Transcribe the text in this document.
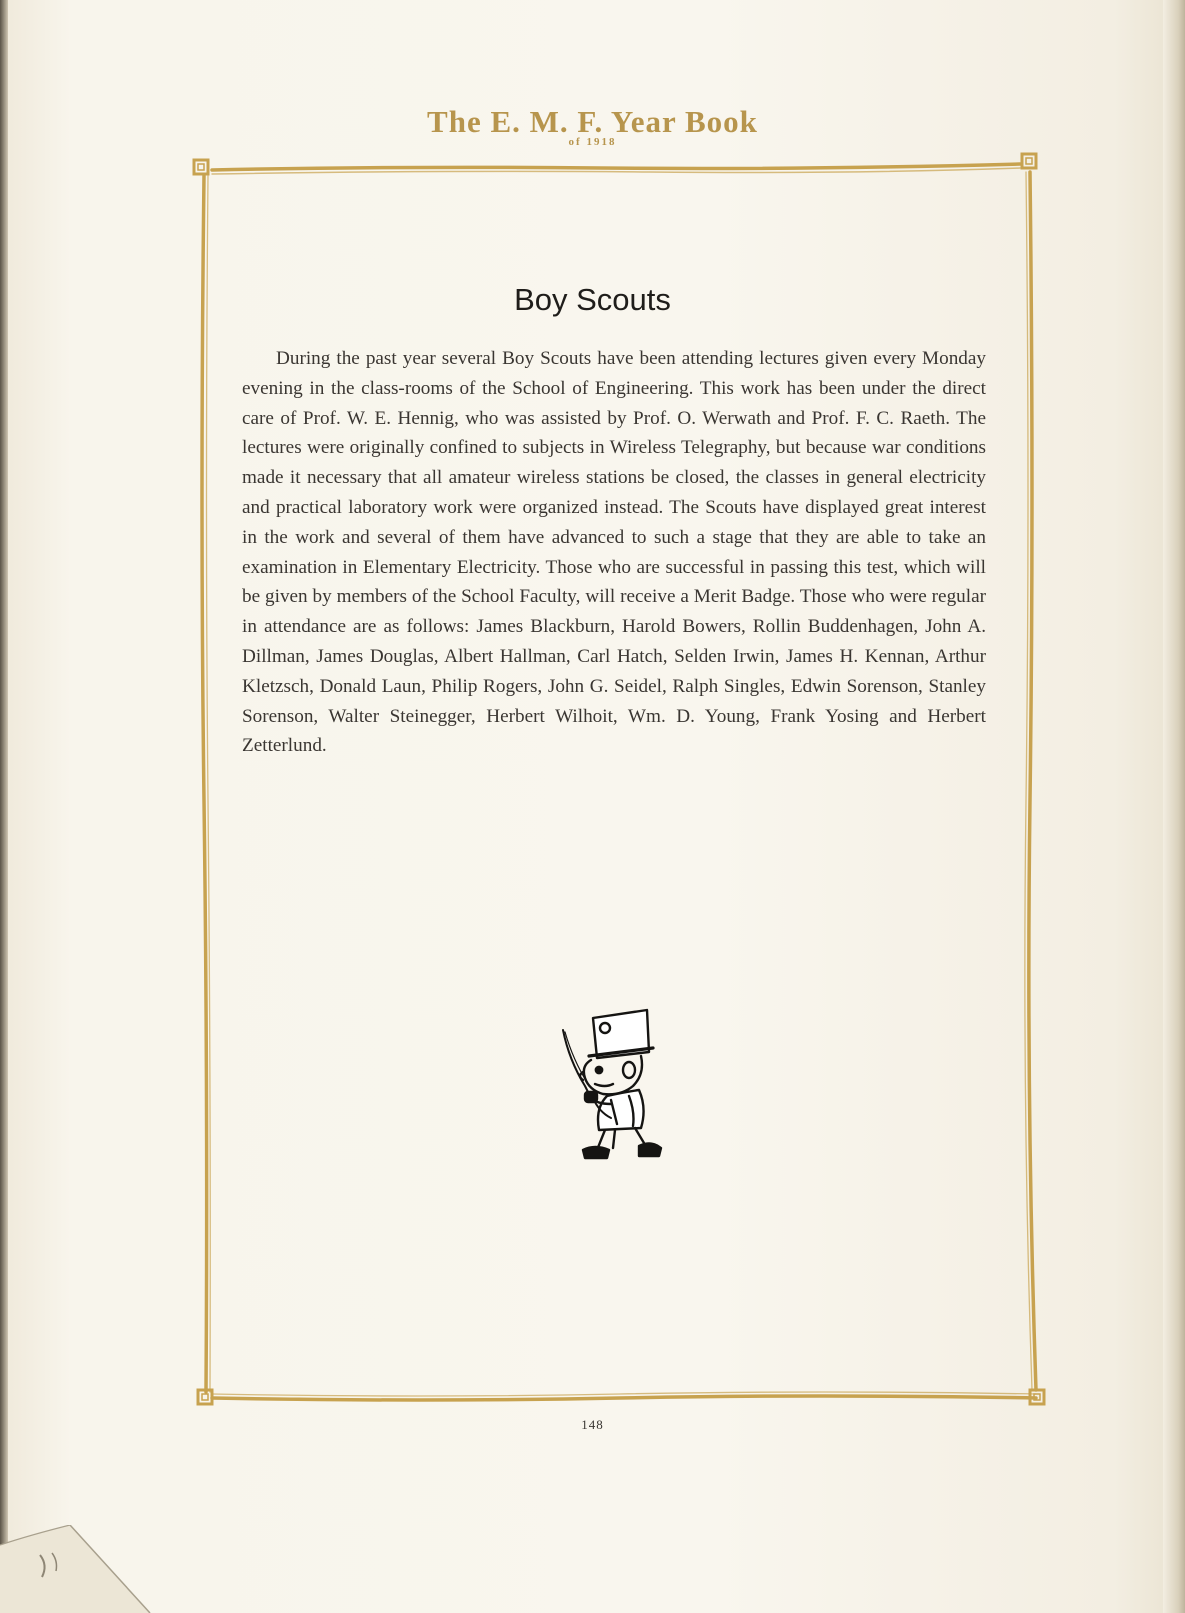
The E. M. F. Year Book
of 1918
Boy Scouts

During the past year several Boy Scouts have been attending lectures given every Monday evening in the class-rooms of the School of Engineering. This work has been under the direct care of Prof. W. E. Hennig, who was assisted by Prof. O. Werwath and Prof. F. C. Raeth. The lectures were originally confined to subjects in Wireless Telegraphy, but because war conditions made it necessary that all amateur wireless stations be closed, the classes in general electricity and practical laboratory work were organized instead. The Scouts have displayed great interest in the work and several of them have advanced to such a stage that they are able to take an examination in Elementary Electricity. Those who are successful in passing this test, which will be given by members of the School Faculty, will receive a Merit Badge. Those who were regular in attendance are as follows: James Blackburn, Harold Bowers, Rollin Buddenhagen, John A. Dillman, James Douglas, Albert Hallman, Carl Hatch, Selden Irwin, James H. Kennan, Arthur Kletzsch, Donald Laun, Philip Rogers, John G. Seidel, Ralph Singles, Edwin Sorenson, Stanley Sorenson, Walter Steinegger, Herbert Wilhoit, Wm. D. Young, Frank Yosing and Herbert Zetterlund.

148
